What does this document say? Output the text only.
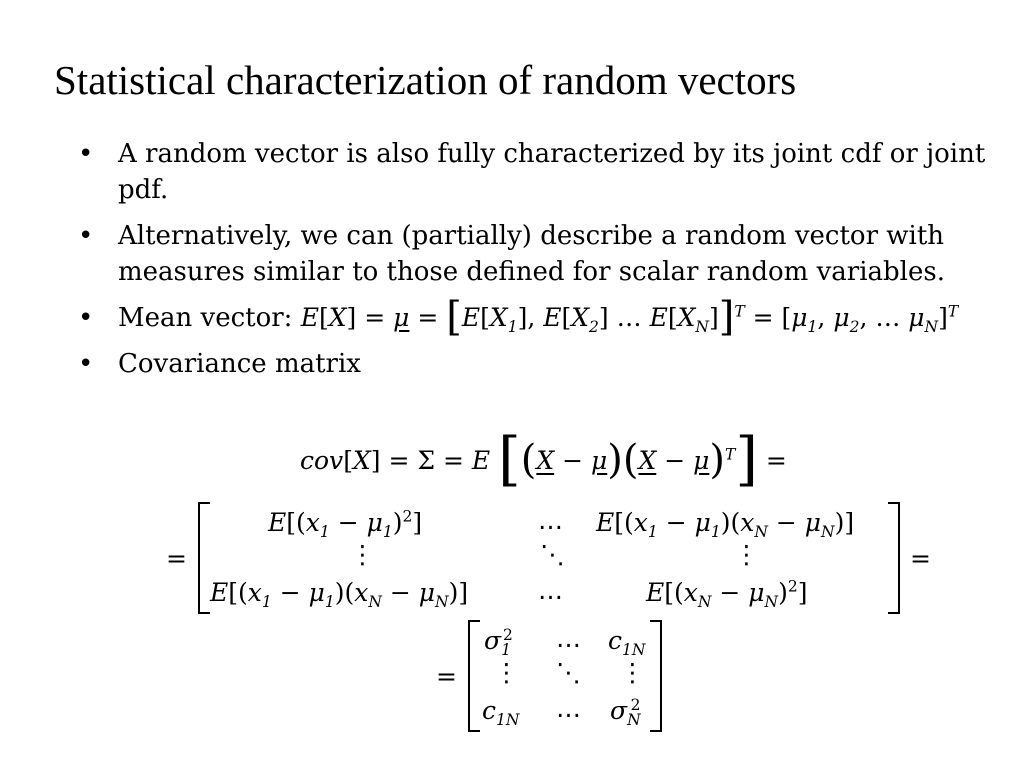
Statistical characterization of random vectors
• A random vector is also fully characterized by its joint cdf or joint pdf.
• Alternatively, we can (partially) describe a random vector with measures similar to those defined for scalar random variables.
• Mean vector: $E[X] = \mu = [E[X_1]$, $E[X_2]$ … $E[X_N]]^T = [\mu_1$, $\mu_2$, … $\mu_N]^T$
• Covariance matrix
cov[X] = Σ = E $[(X - \mu)(X - \mu)^T]$ =
=
$E[(x_1 - \mu_1)^2]$	… $E[(x_1 - \mu_1)(x_N - \mu_N)]$
⋮	⋱	⋮
$E[(x_1 - \mu_1)(x_N - \mu_N)]$	…	$E[(x_N - \mu_N)^2]$
=
=
$\sigma_1^2$ … $c_{1N}$
⋮ ⋱ ⋮
$c_{1N}$ … $\sigma_N^2$
